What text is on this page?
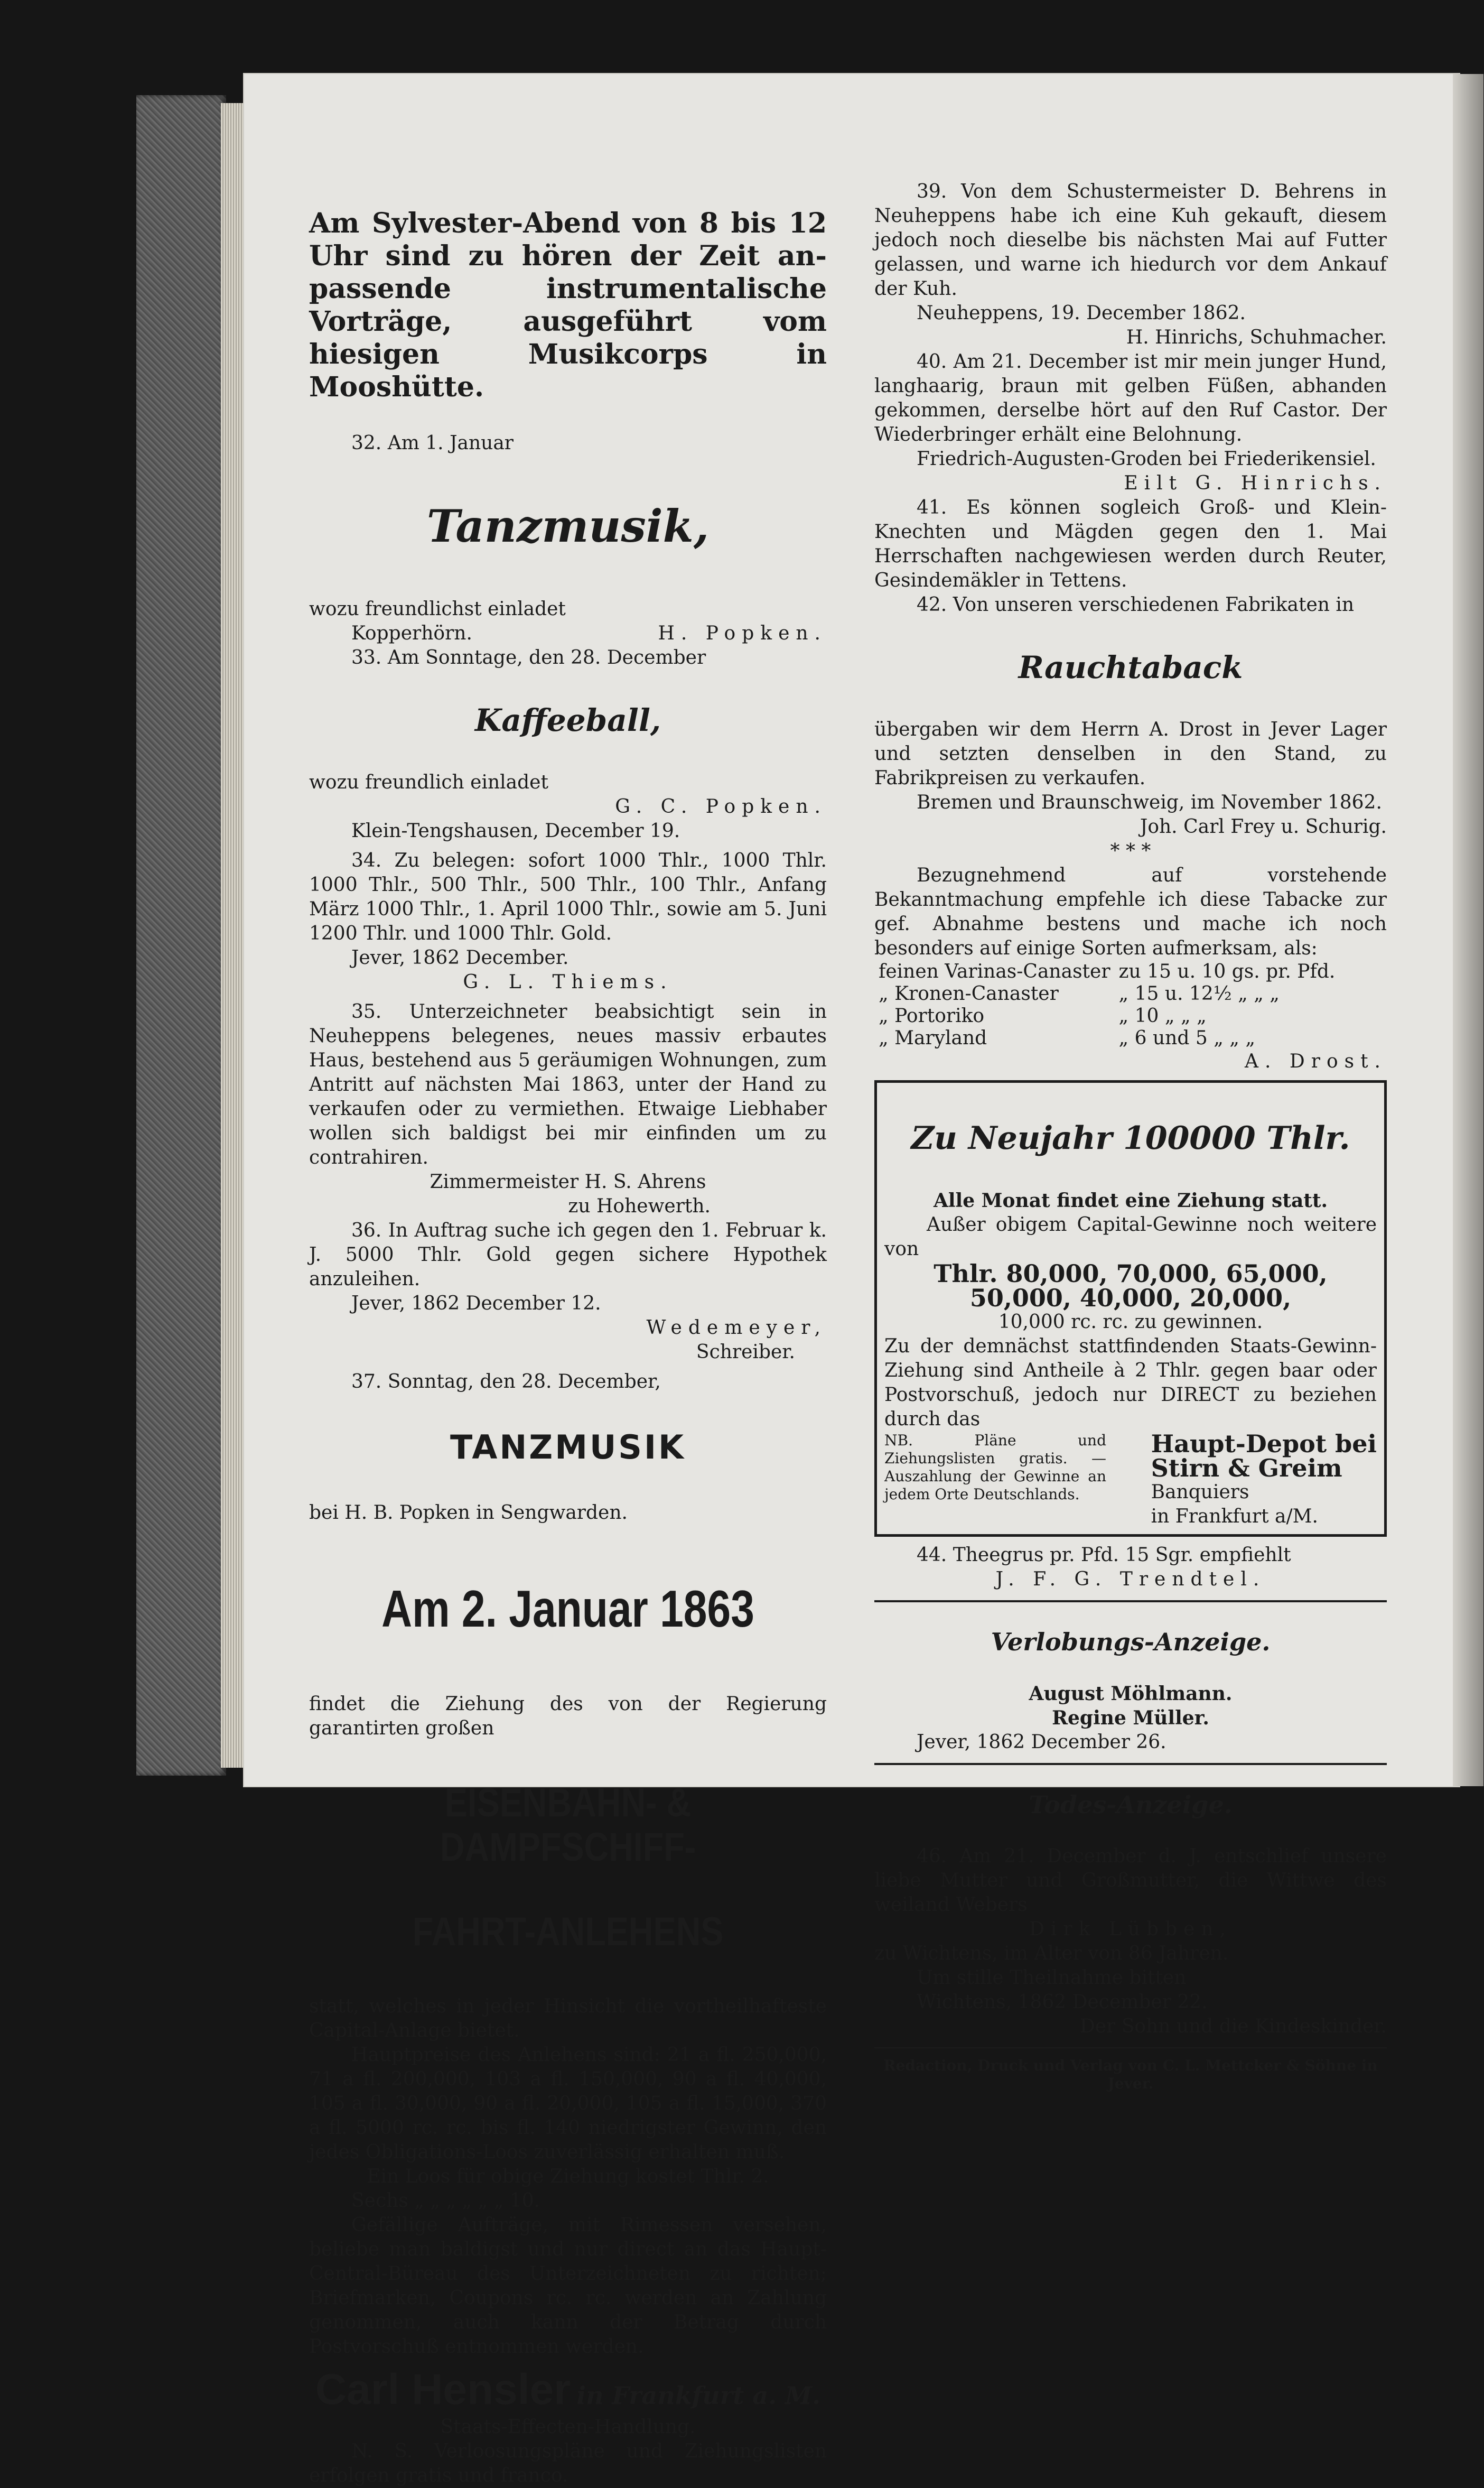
Am Sylvester-Abend von 8 bis 12 Uhr sind zu hören der Zeit an-passende instrumentalische Vorträge, ausgeführt vom hiesigen Musikcorps in Mooshütte.

32. Am 1. Januar

Tanzmusik,

wozu freundlichst einladet

Kopperhörn.	H. Popken.

33. Am Sonntage, den 28. December

Kaffeeball,

wozu freundlich einladet

G. C. Popken.

Klein-Tengshausen, December 19.

34. Zu belegen: sofort 1000 Thlr., 1000 Thlr. 1000 Thlr., 500 Thlr., 500 Thlr., 100 Thlr., Anfang März 1000 Thlr., 1. April 1000 Thlr., sowie am 5. Juni 1200 Thlr. und 1000 Thlr. Gold.

Jever, 1862 December.

G. L. Thiems.

35. Unterzeichneter beabsichtigt sein in Neuheppens belegenes, neues massiv erbautes Haus, bestehend aus 5 geräumigen Wohnungen, zum Antritt auf nächsten Mai 1863, unter der Hand zu verkaufen oder zu vermiethen. Etwaige Liebhaber wollen sich baldigst bei mir einfinden um zu contrahiren.

Zimmermeister H. S. Ahrens

zu Hohewerth.

36. In Auftrag suche ich gegen den 1. Februar k. J. 5000 Thlr. Gold gegen sichere Hypothek anzuleihen.

Jever, 1862 December 12.

Wedemeyer,

Schreiber.

37. Sonntag, den 28. December,

TANZMUSIK

bei H. B. Popken in Sengwarden.

Am 2. Januar 1863

findet die Ziehung des von der Regierung garantirten großen

EISENBAHN- & DAMPFSCHIFF-

FAHRT-ANLEHENS

statt, welches in jeder Hinsicht die vortheilhafteste Capital-Anlage bietet.

Hauptpreise des Anlehens sind: 21 a fl. 250,000, 71 a fl. 200,000, 103 a fl. 150,000, 90 a fl. 40,000, 105 a fl. 30,000, 90 a fl. 20,000, 105 a fl. 15,000, 370 a fl. 5000 rc. rc. bis fl. 140 niedrigster Gewinn, den jedes Obligations-Loos zuverlässig erhalten muß.

Ein Loos für obige Ziehung kostet Thlr. 2.

Sechs „ „ „ „ „ „ 10.

Gefällige Aufträge, mit Rimessen versehen, beliebe man baldigst und nur direct an das Haupt-Central-Büreau des Unterzeichneten zu richten; Briefmarken, Coupons rc. rc. werden an Zahlung genommen, auch kann der Betrag durch Postvorschuß entnommen werden.

Carl Hensler in Frankfurt a. M.

Staats-Effecten-Handlung.

N. S. Verloosungspläne und Ziehungslisten erfolgen gratis und franco.

39. Von dem Schustermeister D. Behrens in Neuheppens habe ich eine Kuh gekauft, diesem jedoch noch dieselbe bis nächsten Mai auf Futter gelassen, und warne ich hiedurch vor dem Ankauf der Kuh.

Neuheppens, 19. December 1862.

H. Hinrichs, Schuhmacher.

40. Am 21. December ist mir mein junger Hund, langhaarig, braun mit gelben Füßen, abhanden gekommen, derselbe hört auf den Ruf Castor. Der Wiederbringer erhält eine Belohnung.

Friedrich-Augusten-Groden bei Friederikensiel.

Eilt G. Hinrichs.

41. Es können sogleich Groß- und Klein-Knechten und Mägden gegen den 1. Mai Herrschaften nachgewiesen werden durch Reuter, Gesindemäkler in Tettens.

42. Von unseren verschiedenen Fabrikaten in

Rauchtaback

übergaben wir dem Herrn A. Drost in Jever Lager und setzten denselben in den Stand, zu Fabrikpreisen zu verkaufen.

Bremen und Braunschweig, im November 1862.

Joh. Carl Frey u. Schurig.

* * *

Bezugnehmend auf vorstehende Bekanntmachung empfehle ich diese Tabacke zur gef. Abnahme bestens und mache ich noch besonders auf einige Sorten aufmerksam, als:

feinen Varinas-Canaster	zu 15 u. 10 gs. pr. Pfd.
„ Kronen-Canaster	„ 15 u. 12½ „ „ „
„ Portoriko	„ 10 „ „ „
„ Maryland	„ 6 und 5 „ „ „

A. Drost.

Zu Neujahr 100000 Thlr.

Alle Monat findet eine Ziehung statt.

Außer obigem Capital-Gewinne noch weitere von

Thlr. 80,000, 70,000, 65,000,

50,000, 40,000, 20,000,

10,000 rc. rc. zu gewinnen.

Zu der demnächst stattfindenden Staats-Gewinn-Ziehung sind Antheile à 2 Thlr. gegen baar oder Postvorschuß, jedoch nur DIRECT zu beziehen durch das

NB. Pläne und Ziehungslisten gratis. — Auszahlung der Gewinne an jedem Orte Deutschlands.

Haupt-Depot bei

Stirn & Greim

Banquiers

in Frankfurt a/M.

44. Theegrus pr. Pfd. 15 Sgr. empfiehlt

J. F. G. Trendtel.

Verlobungs-Anzeige.

August Möhlmann.

Regine Müller.

Jever, 1862 December 26.

Todes-Anzeige.

46. Am 21. December d. J. entschlief unsere liebe Mutter und Großmutter, die Wittwe des weiland Webers

Dirk Lübben,

zu Wichtens, im Alter von 86 Jahren.

Um stille Theilnahme bitten

Wichtens, 1862 December 22.

Der Sohn und die Kindeskinder.

Redaction, Druck und Verlag von C. L. Mettcker & Söhne in Jever.
